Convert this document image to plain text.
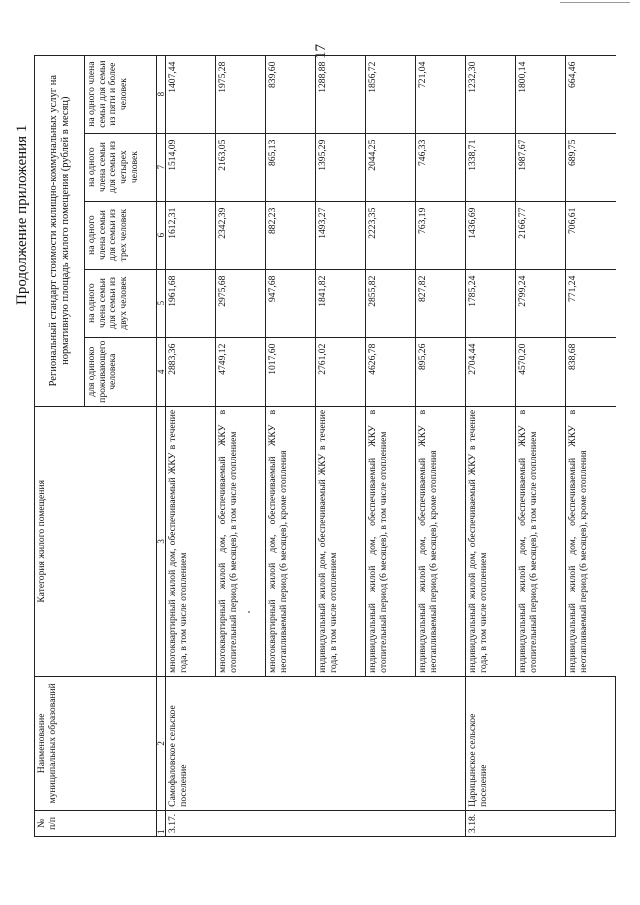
17
Продолжение приложения 1
№ п/п	Наименование муниципальных образований	Категория жилого помещения	Региональный стандарт стоимости жилищно-коммунальных услуг на нормативную площадь жилого помещения (рублей в месяц)				
			для одиноко проживающего человека	на одного члена семьи для семьи из двух человек	на одного члена семьи для семьи из трех человек	на одного члена семьи для семьи из четырех человек	на одного члена семьи для семьи из пяти и более человек
1	2	3	4	5	6	7	8
3.17.	Самофаловское сельское поселение	многоквартирный жилой дом, обеспечиваемый ЖКУ в течение года, в том числе отоплением	2883,36	1961,68	1612,31	1514,09	1407,44
		многоквартирный жилой дом, обеспечиваемый ЖКУ в отопительный период (6 месяцев), в том числе отоплением	4749,12	2975,68	2342,39	2163,05	1975,28
		многоквартирный жилой дом, обеспечиваемый ЖКУ в неотапливаемый период (6 месяцев), кроме отопления	1017,60	947,68	882,23	865,13	839,60
		индивидуальный жилой дом, обеспечиваемый ЖКУ в течение года, в том числе отоплением	2761,02	1841,82	1493,27	1395,29	1288,88
		индивидуальный жилой дом, обеспечиваемый ЖКУ в отопительный период (6 месяцев), в том числе отоплением	4626,78	2855,82	2223,35	2044,25	1856,72
		индивидуальный жилой дом, обеспечиваемый ЖКУ в неотапливаемый период (6 месяцев), кроме отопления	895,26	827,82	763,19	746,33	721,04
3.18.	Царицынское сельское поселение	индивидуальный жилой дом, обеспечиваемый ЖКУ в течение года, в том числе отоплением	2704,44	1785,24	1436,69	1338,71	1232,30
		индивидуальный жилой дом, обеспечиваемый ЖКУ в отопительный период (6 месяцев), в том числе отоплением	4570,20	2799,24	2166,77	1987,67	1800,14
		индивидуальный жилой дом, обеспечиваемый ЖКУ в неотапливаемый период (6 месяцев), кроме отопления	838,68	771,24	706,61	689,75	664,46
